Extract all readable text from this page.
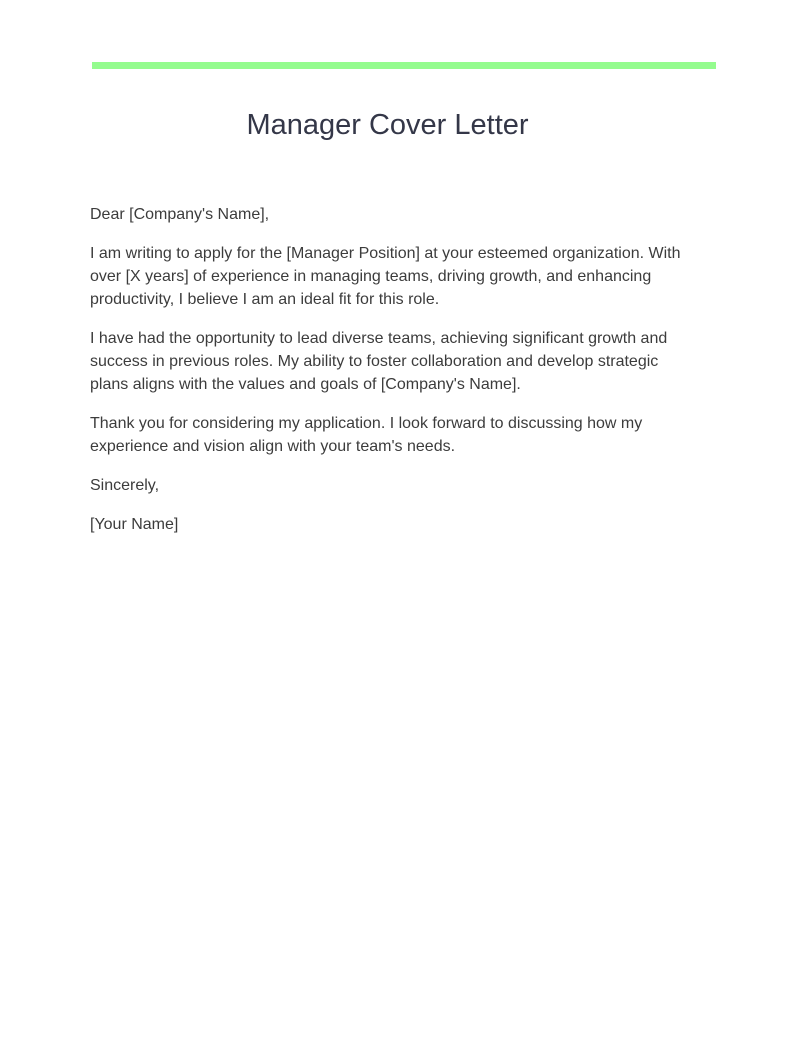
Manager Cover Letter

Dear [Company's Name],

I am writing to apply for the [Manager Position] at your esteemed organization. With over [X years] of experience in managing teams, driving growth, and enhancing productivity, I believe I am an ideal fit for this role.

I have had the opportunity to lead diverse teams, achieving significant growth and success in previous roles. My ability to foster collaboration and develop strategic plans aligns with the values and goals of [Company's Name].

Thank you for considering my application. I look forward to discussing how my experience and vision align with your team's needs.

Sincerely,

[Your Name]
